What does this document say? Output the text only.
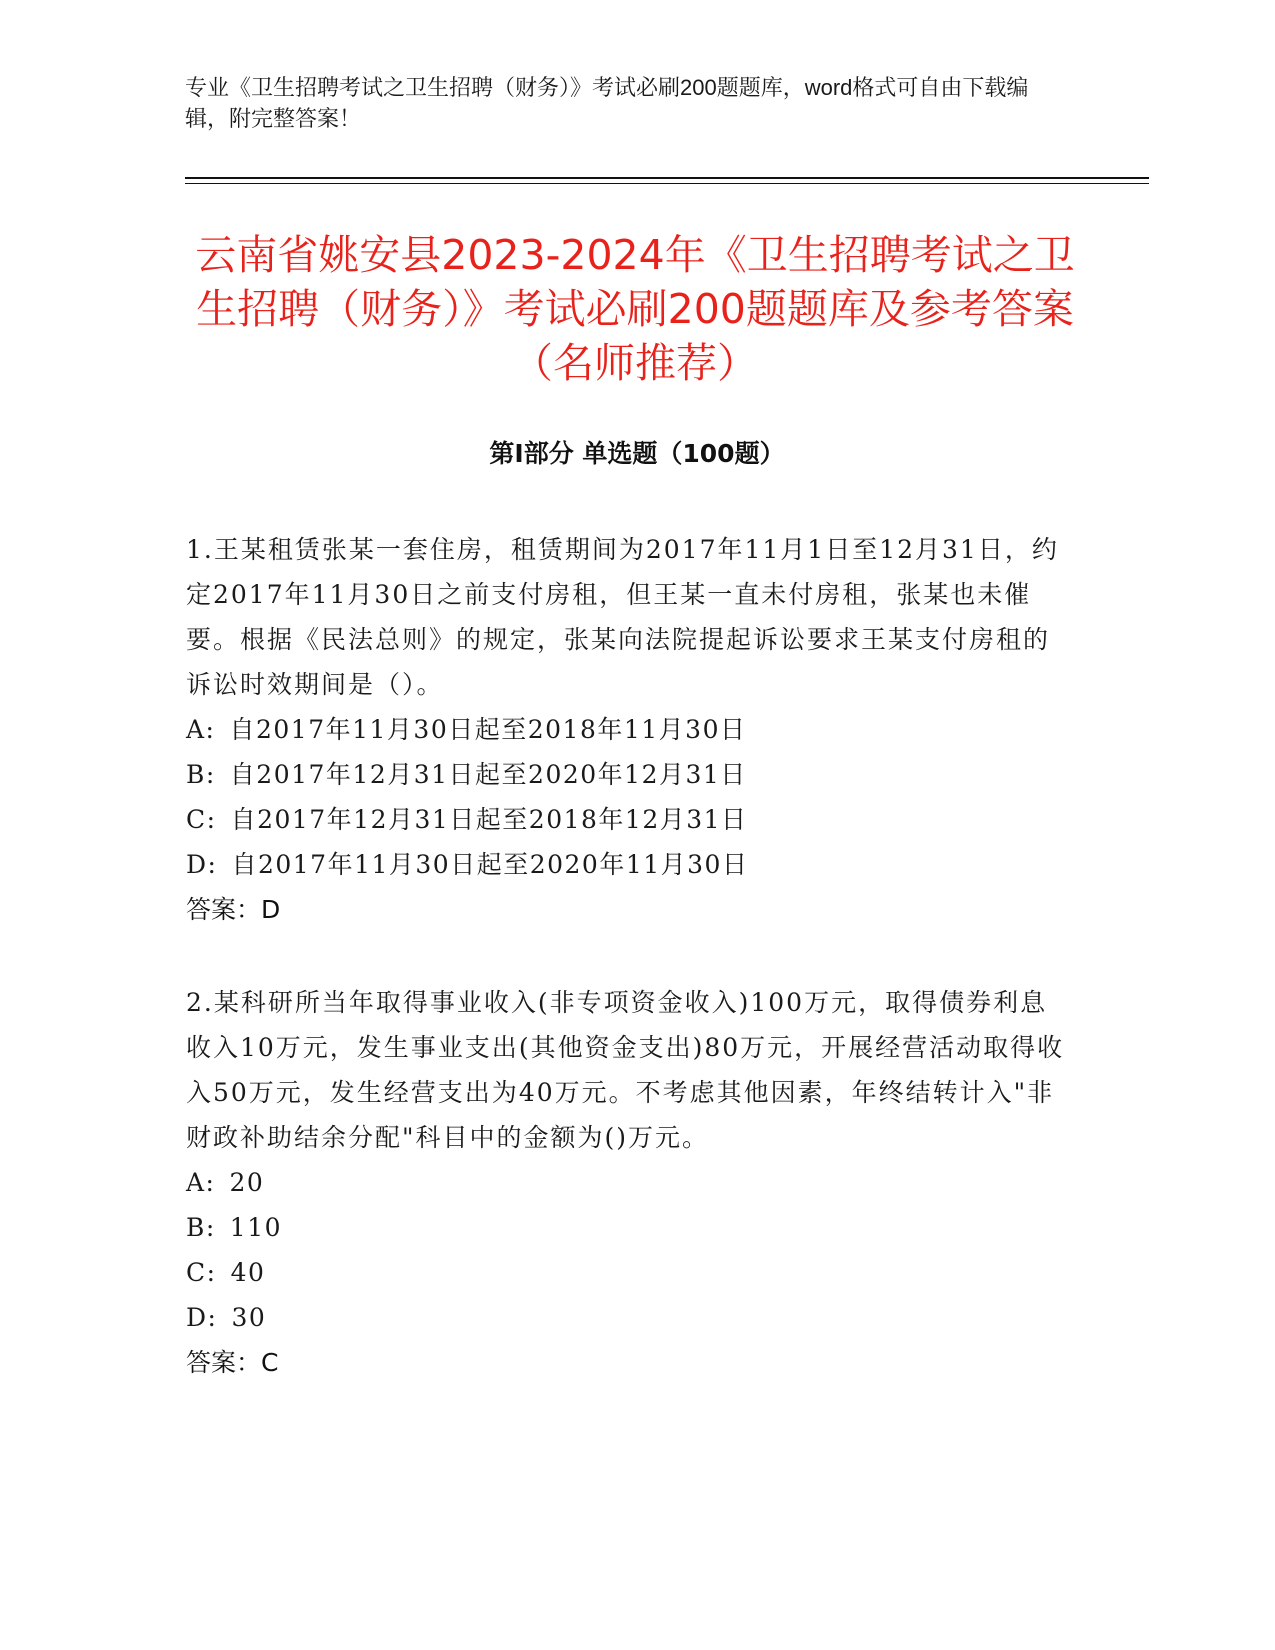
专业《卫生招聘考试之卫生招聘（财务）》考试必刷200题题库，word格式可自由下载编辑，附完整答案！
云南省姚安县2023-2024年《卫生招聘考试之卫生招聘（财务）》考试必刷200题题库及参考答案（名师推荐）
第I部分 单选题（100题）
1.王某租赁张某一套住房，租赁期间为2017年11月1日至12月31日，约定2017年11月30日之前支付房租，但王某一直未付房租，张某也未催要。根据《民法总则》的规定，张某向法院提起诉讼要求王某支付房租的诉讼时效期间是（）。
A: 自2017年11月30日起至2018年11月30日
B: 自2017年12月31日起至2020年12月31日
C: 自2017年12月31日起至2018年12月31日
D: 自2017年11月30日起至2020年11月30日
答案：D
2.某科研所当年取得事业收入(非专项资金收入)100万元，取得债券利息收入10万元，发生事业支出(其他资金支出)80万元，开展经营活动取得收入50万元，发生经营支出为40万元。不考虑其他因素，年终结转计入"非财政补助结余分配"科目中的金额为()万元。
A: 20
B: 110
C: 40
D: 30
答案：C
